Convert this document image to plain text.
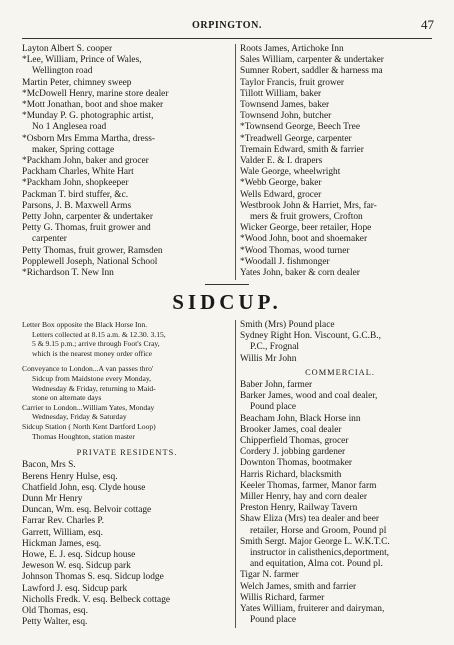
ORPINGTON.	47
Layton Albert S. cooper
*Lee, William, Prince of Wales,
Wellington road
Martin Peter, chimney sweep
*McDowell Henry, marine store dealer
*Mott Jonathan, boot and shoe maker
*Munday P. G. photographic artist,
No 1 Anglesea road
*Osborn Mrs Emma Martha, dress-
maker, Spring cottage
*Packham John, baker and grocer
Packham Charles, White Hart
*Packham John, shopkeeper
Packman T. bird stuffer, &c.
Parsons, J. B. Maxwell Arms
Petty John, carpenter & undertaker
Petty G. Thomas, fruit grower and
carpenter
Petty Thomas, fruit grower, Ramsden
Popplewell Joseph, National School
*Richardson T. New Inn
Roots James, Artichoke Inn
Sales William, carpenter & undertaker
Sumner Robert, saddler & harness ma
Taylor Francis, fruit grower
Tillott William, baker
Townsend James, baker
Townsend John, butcher
*Townsend George, Beech Tree
*Treadwell George, carpenter
Tremain Edward, smith & farrier
Valder E. & I. drapers
Wale George, wheelwright
*Webb George, baker
Wells Edward, grocer
Westbrook John & Harriet, Mrs, far-
mers & fruit growers, Crofton
Wicker George, beer retailer, Hope
*Wood John, boot and shoemaker
*Wood Thomas, wood turner
*Woodall J. fishmonger
Yates John, baker & corn dealer
SIDCUP.
Letter Box opposite the Black Horse Inn.
Letters collected at 8.15 a.m. & 12.30. 3.15,
5 & 9.15 p.m.; arrive through Foot's Cray,
which is the nearest money order office
Conveyance to London...A van passes thro'
Sidcup from Maidstone every Monday,
Wednesday & Friday, returning to Maid-
stone on alternate days
Carrier to London...William Yates, Monday
Wednesday, Friday & Saturday
Sidcup Station ( North Kent Dartford Loop)
Thomas Houghton, station master
PRIVATE RESIDENTS.
Bacon, Mrs S.
Berens Henry Hulse, esq.
Chatfield John, esq. Clyde house
Dunn Mr Henry
Duncan, Wm. esq. Belvoir cottage
Farrar Rev. Charles P.
Garrett, William, esq.
Hickman James, esq.
Howe, E. J. esq. Sidcup house
Jeweson W. esq. Sidcup park
Johnson Thomas S. esq. Sidcup lodge
Lawford J. esq. Sidcup park
Nicholls Fredk. V. esq. Belbeck cottage
Old Thomas, esq.
Petty Walter, esq.
Smith (Mrs) Pound place
Sydney Right Hon. Viscount, G.C.B.,
P.C., Frognal
Willis Mr John
COMMERCIAL.
Baber John, farmer
Barker James, wood and coal dealer,
Pound place
Beacham John, Black Horse inn
Brooker James, coal dealer
Chipperfield Thomas, grocer
Cordery J. jobbing gardener
Downton Thomas, bootmaker
Harris Richard, blacksmith
Keeler Thomas, farmer, Manor farm
Miller Henry, hay and corn dealer
Preston Henry, Railway Tavern
Shaw Eliza (Mrs) tea dealer and beer
retailer, Horse and Groom, Pound pl
Smith Sergt. Major George L. W.K.T.C.
instructor in calisthenics,deportment,
and equitation, Alma cot. Pound pl.
Tigar N. farmer
Welch James, smith and farrier
Willis Richard, farmer
Yates William, fruiterer and dairyman,
Pound place
